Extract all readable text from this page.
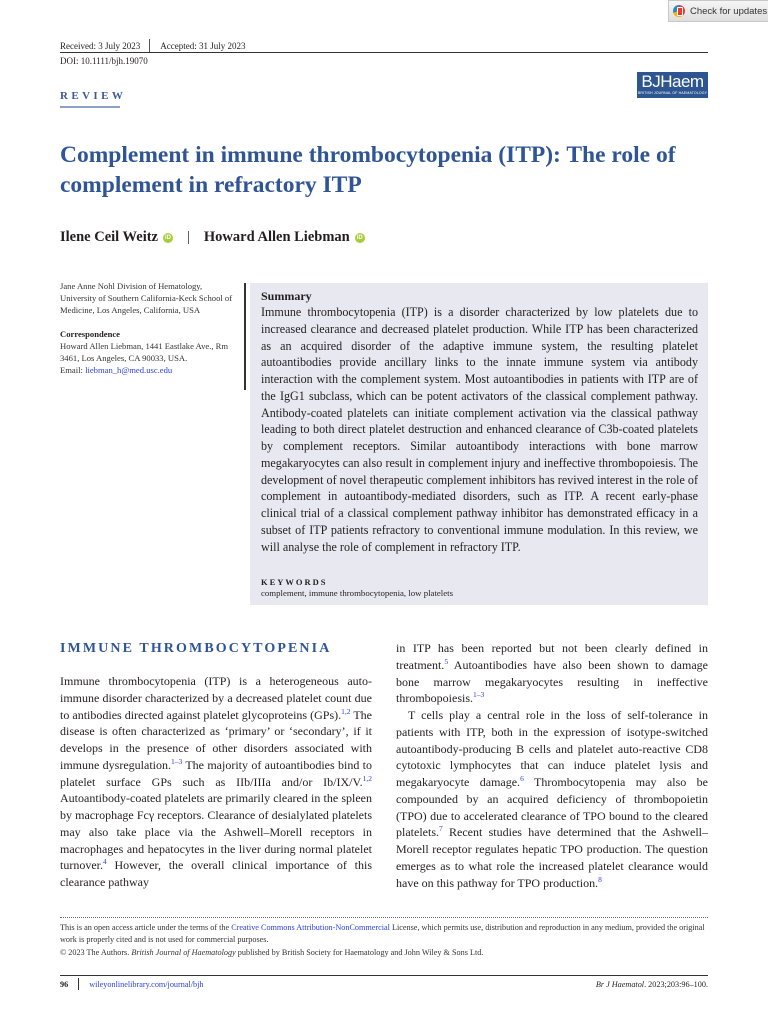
Check for updates
Received: 3 July 2023 Accepted: 31 July 2023
DOI: 10.1111/bjh.19070
BJHaem
BRITISH JOURNAL OF HAEMATOLOGY
REVIEW
Complement in immune thrombocytopenia (ITP): The role of complement in refractory ITP
Ilene Ceil Weitz	iD | Howard Allen Liebman	iD
Jane Anne Nohl Division of Hematology, University of Southern California-Keck School of Medicine, Los Angeles, California, USA
Correspondence
Howard Allen Liebman, 1441 Eastlake Ave., Rm 3461, Los Angeles, CA 90033, USA.
Email: liebman_h@med.usc.edu
Summary

Immune thrombocytopenia (ITP) is a disorder characterized by low platelets due to increased clearance and decreased platelet production. While ITP has been characterized as an acquired disorder of the adaptive immune system, the resulting platelet autoantibodies provide ancillary links to the innate immune system via antibody interaction with the complement system. Most autoantibodies in patients with ITP are of the IgG1 subclass, which can be potent activators of the classical complement pathway. Antibody-coated platelets can initiate complement activation via the classical pathway leading to both direct platelet destruction and enhanced clearance of C3b-coated platelets by complement receptors. Similar autoantibody interactions with bone marrow megakaryocytes can also result in complement injury and ineffective thrombopoiesis. The development of novel therapeutic complement inhibitors has revived interest in the role of complement in autoantibody-mediated disorders, such as ITP. A recent early-phase clinical trial of a classical complement pathway inhibitor has demonstrated efficacy in a subset of ITP patients refractory to conventional immune modulation. In this review, we will analyse the role of complement in refractory ITP.

KEYWORDS
complement, immune thrombocytopenia, low platelets
IMMUNE THROMBOCYTOPENIA

Immune thrombocytopenia (ITP) is a heterogeneous autoimmune disorder characterized by a decreased platelet count due to antibodies directed against platelet glycoproteins (GPs).$^{1,2}$ The disease is often characterized as ‘primary’ or ‘secondary’, if it develops in the presence of other disorders associated with immune dysregulation.$^{1-3}$ The majority of autoantibodies bind to platelet surface GPs such as IIb/IIIa and/or Ib/IX/V.$^{1,2}$ Autoantibody-coated platelets are primarily cleared in the spleen by macrophage Fcγ receptors. Clearance of desialylated platelets may also take place via the Ashwell–Morell receptors in macrophages and hepatocytes in the liver during normal platelet turnover.$^4$ However, the overall clinical importance of this clearance pathway

in ITP has been reported but not been clearly defined in treatment.$^5$ Autoantibodies have also been shown to damage bone marrow megakaryocytes resulting in ineffective thrombopoiesis.$^{1-3}$

T cells play a central role in the loss of self-tolerance in patients with ITP, both in the expression of isotype-switched autoantibody-producing B cells and platelet auto-reactive CD8 cytotoxic lymphocytes that can induce platelet lysis and megakaryocyte damage.$^6$ Thrombocytopenia may also be compounded by an acquired deficiency of thrombopoietin (TPO) due to accelerated clearance of TPO bound to the cleared platelets.$^7$ Recent studies have determined that the Ashwell–Morell receptor regulates hepatic TPO production. The question emerges as to what role the increased platelet clearance would have on this pathway for TPO production.$^8$

This is an open access article under the terms of the Creative Commons Attribution-NonCommercial License, which permits use, distribution and reproduction in any medium, provided the original work is properly cited and is not used for commercial purposes.
© 2023 The Authors. British Journal of Haematology published by British Society for Haematology and John Wiley & Sons Ltd.
96	wileyonlinelibrary.com/journal/bjh	Br J Haematol. 2023;203:96–100.
